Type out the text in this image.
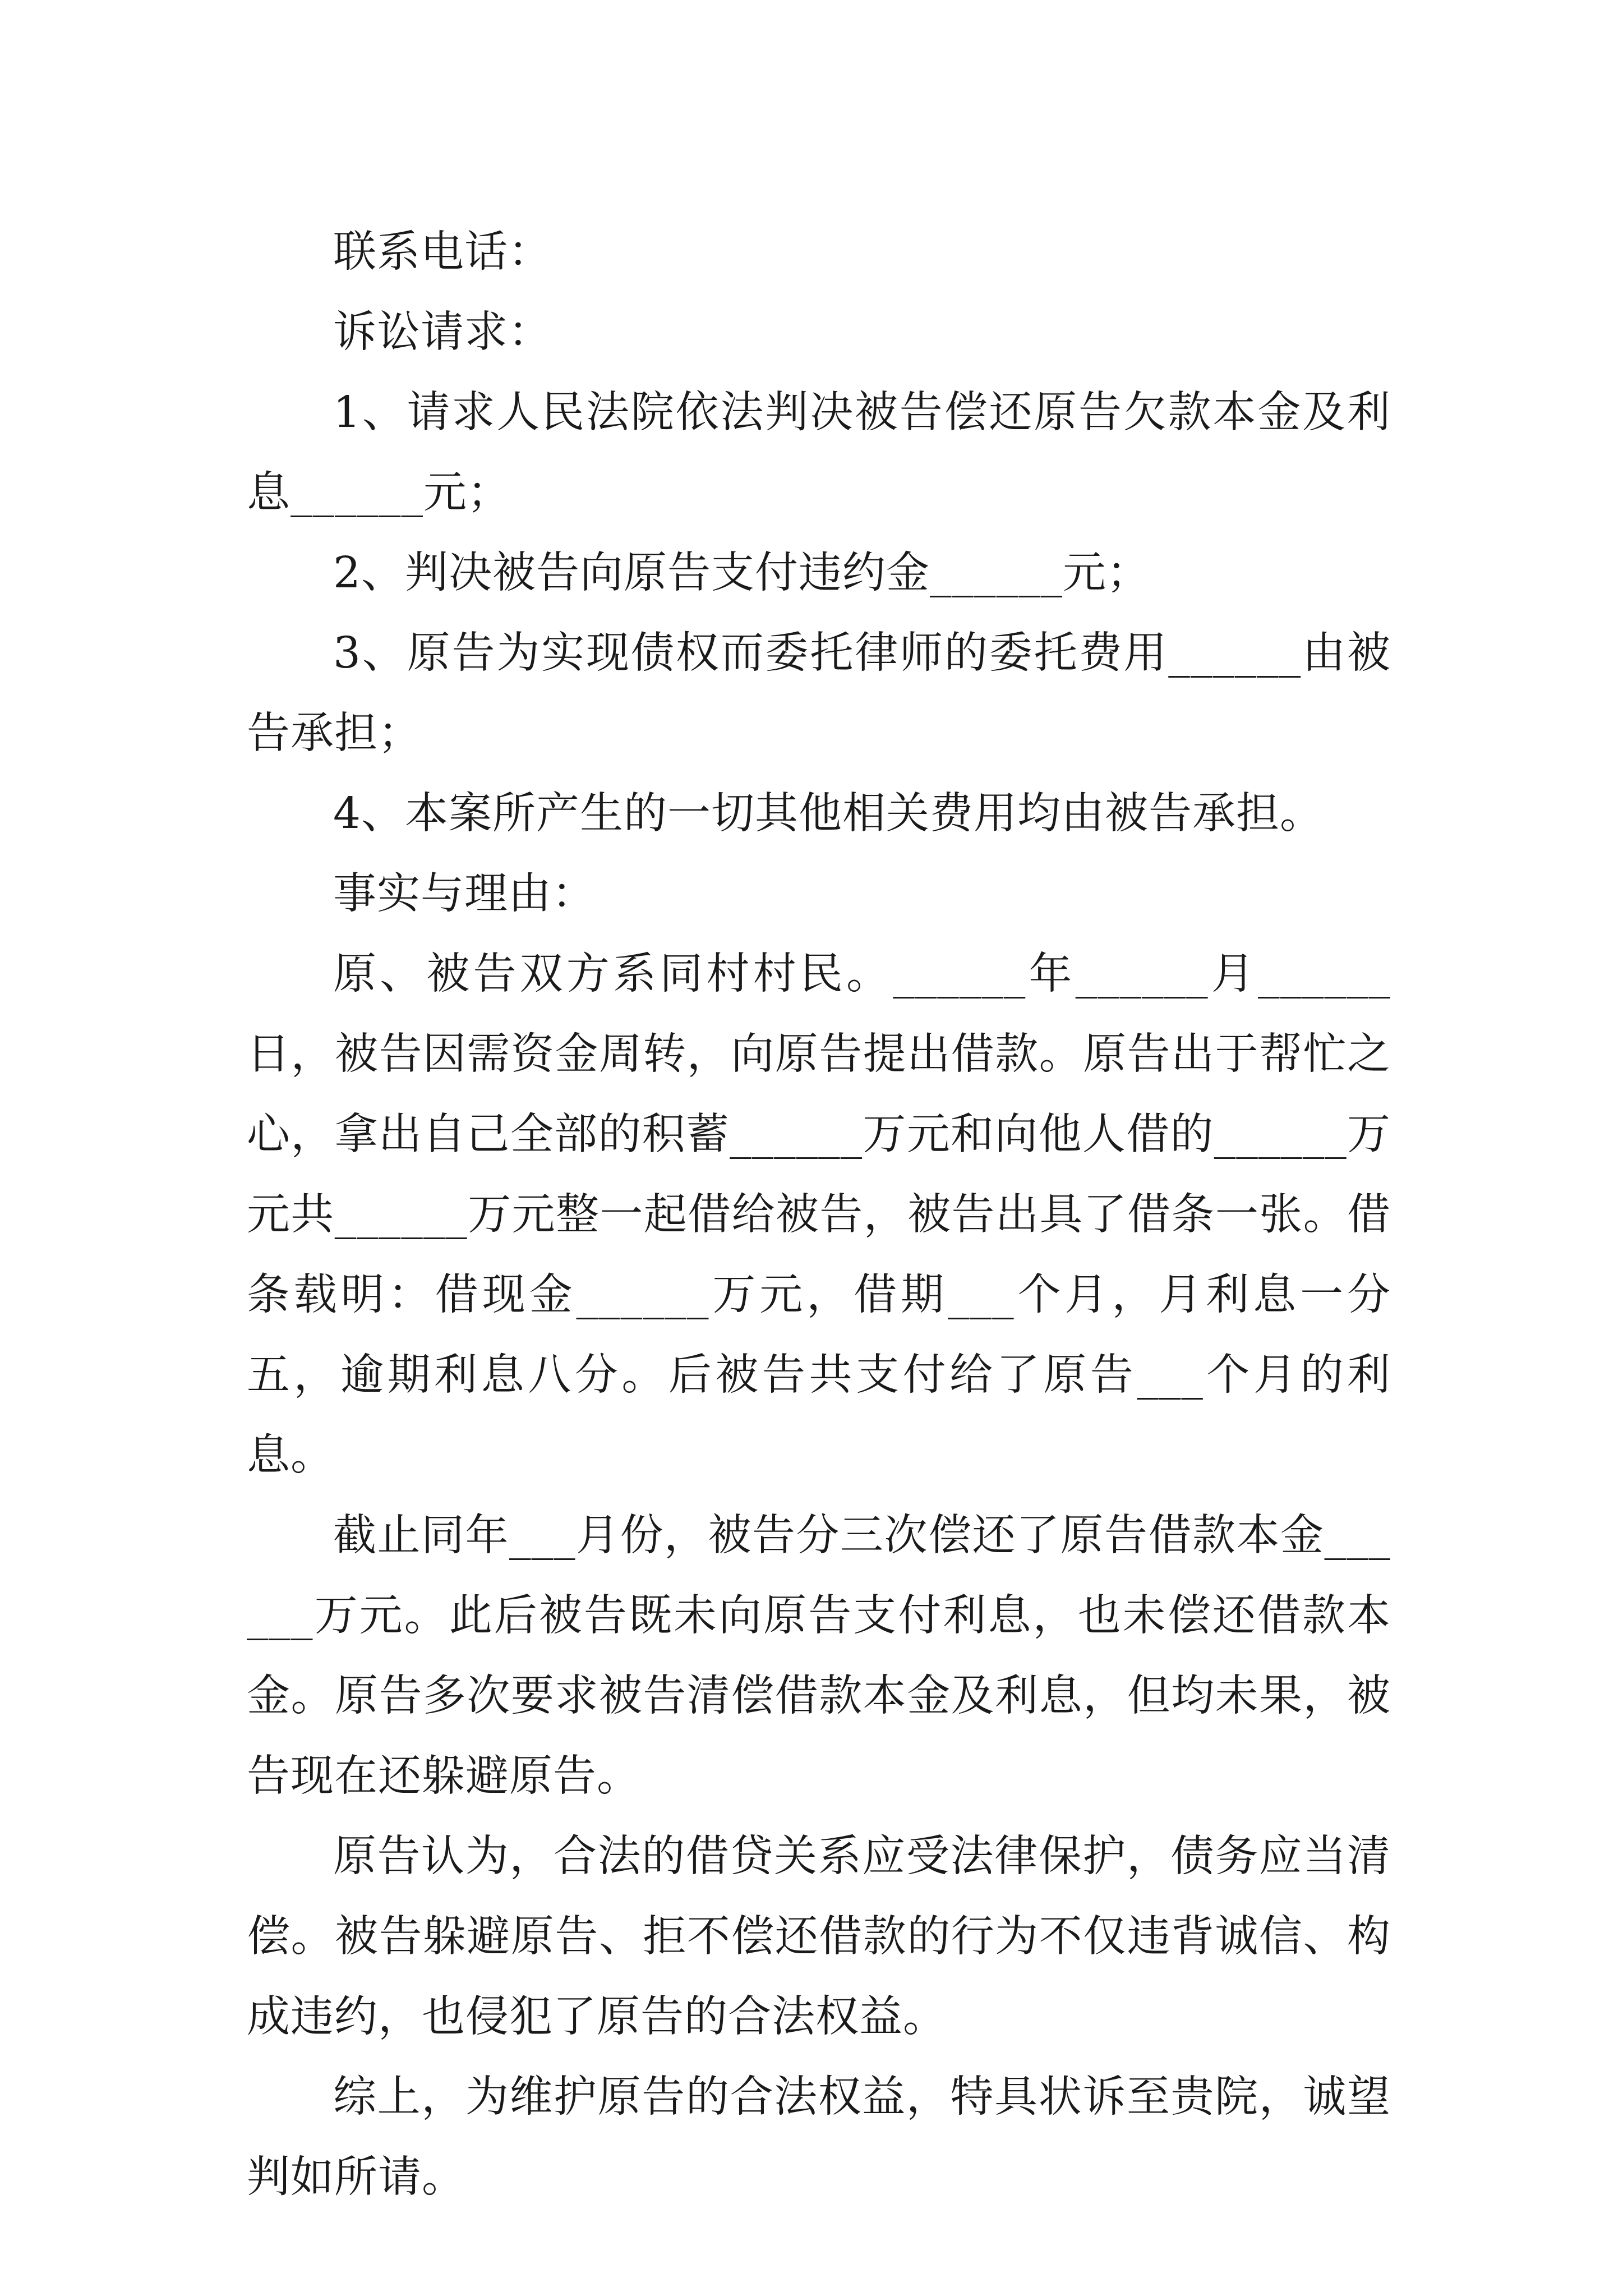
联系电话：

诉讼请求：

1、请求人民法院依法判决被告偿还原告欠款本金及利息______元；

2、判决被告向原告支付违约金______元；

3、原告为实现债权而委托律师的委托费用______由被告承担；

4、本案所产生的一切其他相关费用均由被告承担。

事实与理由：

原、被告双方系同村村民。______年______月______日，被告因需资金周转，向原告提出借款。原告出于帮忙之心，拿出自己全部的积蓄______万元和向他人借的______万元共______万元整一起借给被告，被告出具了借条一张。借条载明：借现金______万元，借期___个月，月利息一分五，逾期利息八分。后被告共支付给了原告___个月的利息。

截止同年___月份，被告分三次偿还了原告借款本金______万元。此后被告既未向原告支付利息，也未偿还借款本金。原告多次要求被告清偿借款本金及利息，但均未果，被告现在还躲避原告。

原告认为，合法的借贷关系应受法律保护，债务应当清偿。被告躲避原告、拒不偿还借款的行为不仅违背诚信、构成违约，也侵犯了原告的合法权益。

综上，为维护原告的合法权益，特具状诉至贵院，诚望判如所请。
